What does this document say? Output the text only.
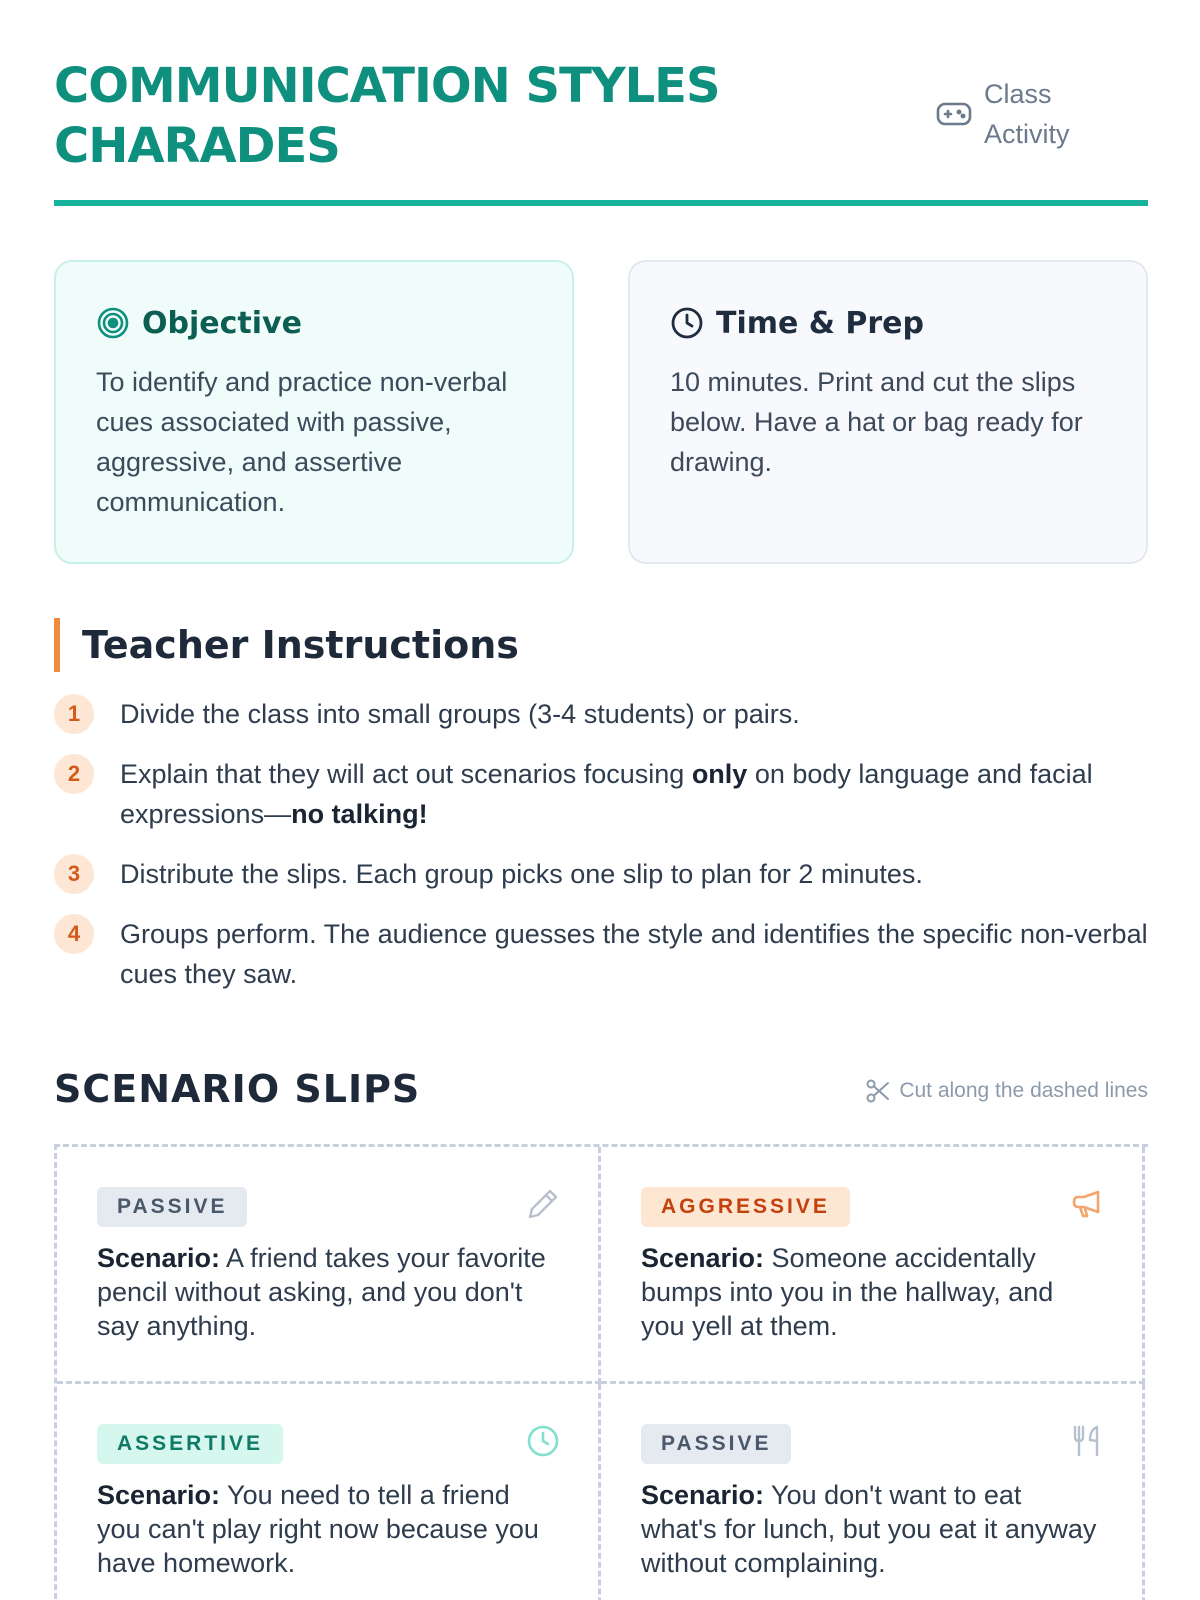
COMMUNICATION STYLES
CHARADES
Class
Activity
Objective

To identify and practice non-verbal cues associated with passive, aggressive, and assertive communication.

Time & Prep

10 minutes. Print and cut the slips below. Have a hat or bag ready for drawing.

Teacher Instructions
1	Divide the class into small groups (3-4 students) or pairs.
2	Explain that they will act out scenarios focusing only on body language and facial expressions—no talking!
3	Distribute the slips. Each group picks one slip to plan for 2 minutes.
4	Groups perform. The audience guesses the style and identifies the specific non-verbal cues they saw.
SCENARIO SLIPS	Cut along the dashed lines
PASSIVE

Scenario: A friend takes your favorite pencil without asking, and you don't say anything.

AGGRESSIVE

Scenario: Someone accidentally bumps into you in the hallway, and you yell at them.

ASSERTIVE

Scenario: You need to tell a friend you can't play right now because you have homework.

PASSIVE

Scenario: You don't want to eat what's for lunch, but you eat it anyway without complaining.
